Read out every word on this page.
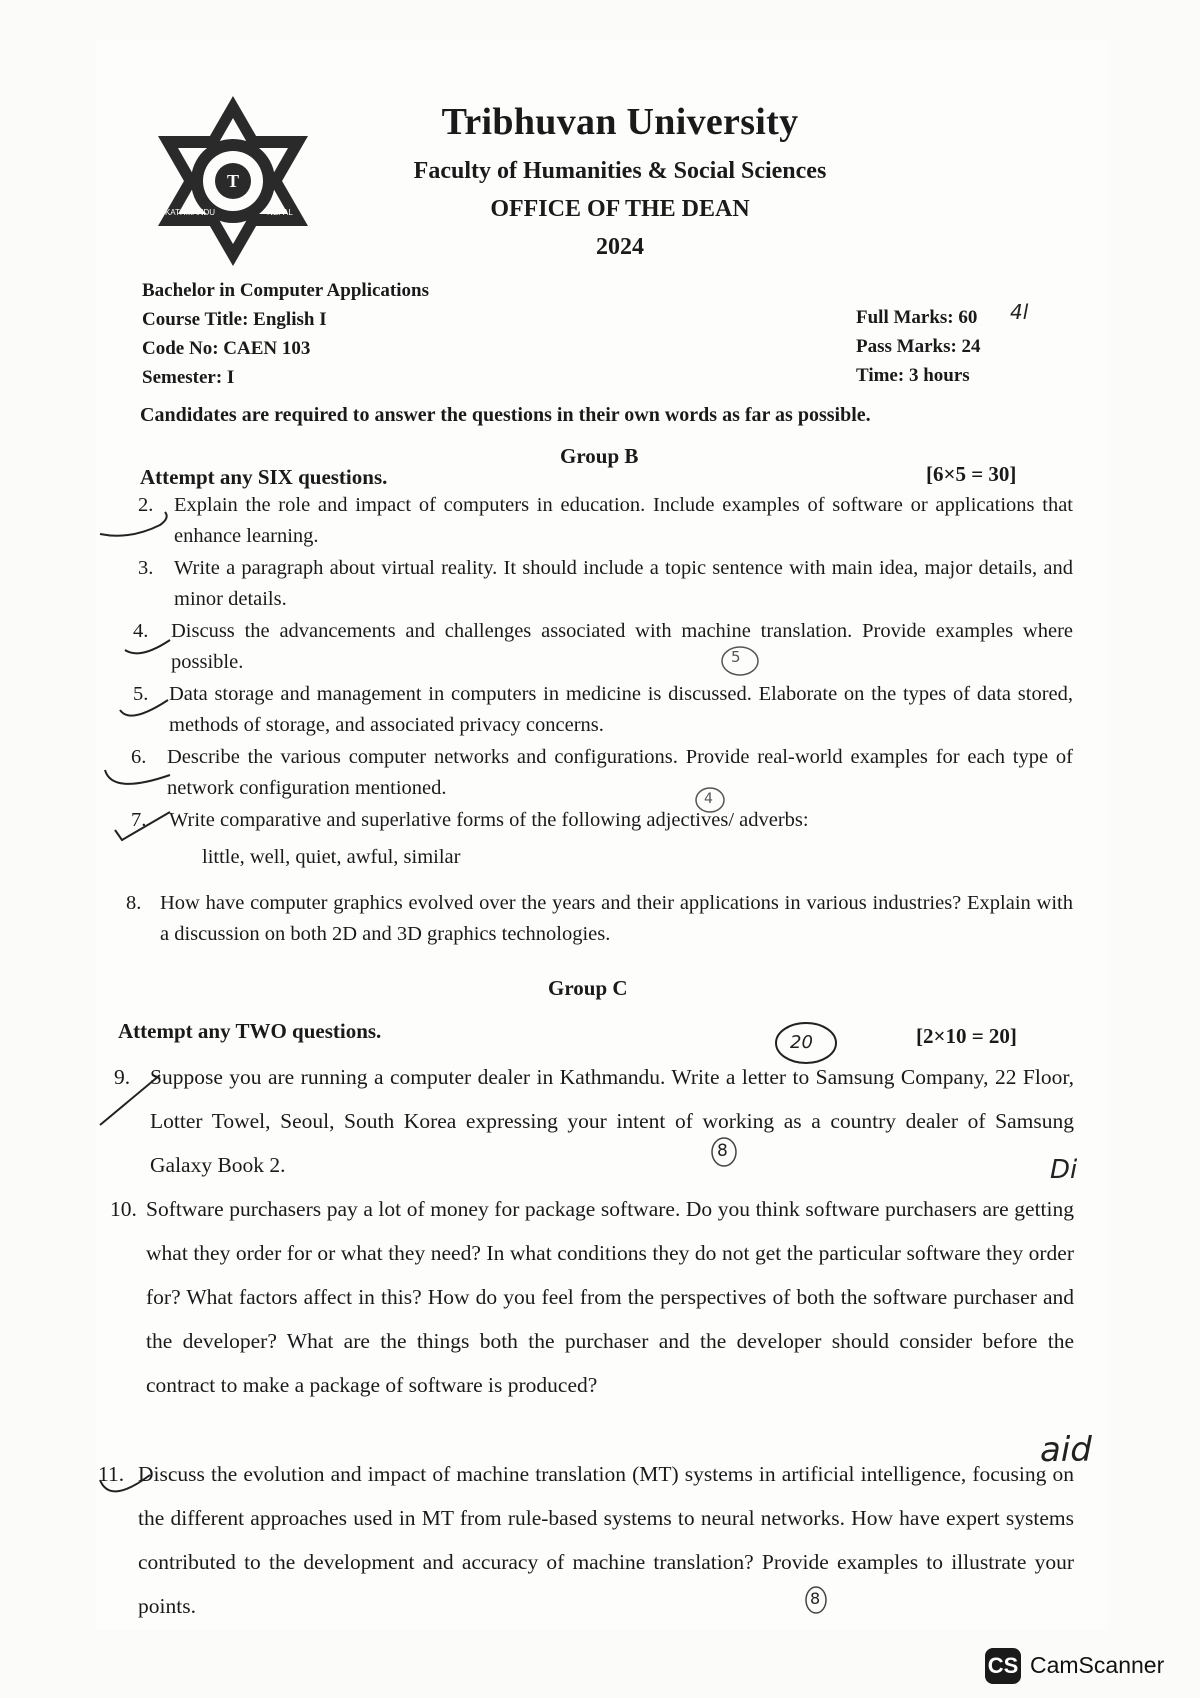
T
KATHMANDU	NEPAL
Tribhuvan University
Faculty of Humanities & Social Sciences
OFFICE OF THE DEAN
2024
Bachelor in Computer Applications
Course Title: English I
Code No: CAEN 103
Semester: I
Full Marks: 60
Pass Marks: 24
Time: 3 hours
4l
Candidates are required to answer the questions in their own words as far as possible.
Group B
Attempt any SIX questions.	[6×5 = 30]
2. Explain the role and impact of computers in education. Include examples of software or applications that enhance learning.
3. Write a paragraph about virtual reality. It should include a topic sentence with main idea, major details, and minor details.
4. Discuss the advancements and challenges associated with machine translation. Provide examples where possible.
5. Data storage and management in computers in medicine is discussed. Elaborate on the types of data stored, methods of storage, and associated privacy concerns.
6. Describe the various computer networks and configurations. Provide real-world examples for each type of network configuration mentioned.
7. Write comparative and superlative forms of the following adjectives/ adverbs:
little, well, quiet, awful, similar
8. How have computer graphics evolved over the years and their applications in various industries? Explain with a discussion on both 2D and 3D graphics technologies.
Group C
Attempt any TWO questions.	[2×10 = 20]
9. Suppose you are running a computer dealer in Kathmandu. Write a letter to Samsung Company, 22 Floor, Lotter Towel, Seoul, South Korea expressing your intent of working as a country dealer of Samsung Galaxy Book 2.
10. Software purchasers pay a lot of money for package software. Do you think software purchasers are getting what they order for or what they need? In what conditions they do not get the particular software they order for? What factors affect in this? How do you feel from the perspectives of both the software purchaser and the developer? What are the things both the purchaser and the developer should consider before the contract to make a package of software is produced?
11. Discuss the evolution and impact of machine translation (MT) systems in artificial intelligence, focusing on the different approaches used in MT from rule-based systems to neural networks. How have expert systems contributed to the development and accuracy of machine translation? Provide examples to illustrate your points.
5
4
20
8
Di
aid
8
CS CamScanner
